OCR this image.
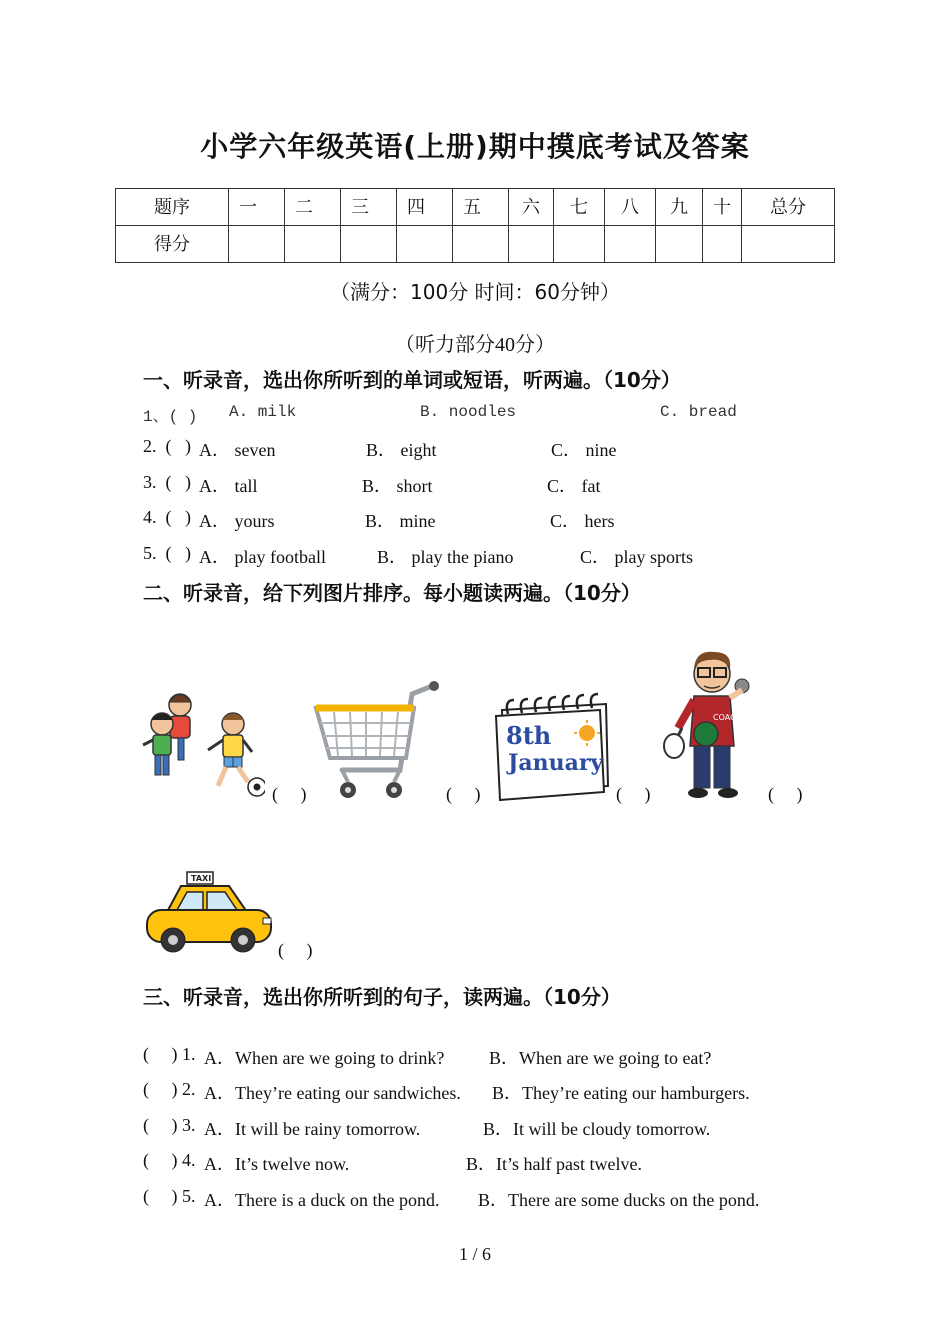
小学六年级英语(上册)期中摸底考试及答案
题序	一	二	三	四	五	六	七	八	九	十	总分

得分											

（满分：100分 时间：60分钟）
（听力部分40分）
一、听录音，选出你所听到的单词或短语，听两遍。（10分）
1、( ) A. milk	B. noodles	C. bread
2.  (   ) A． seven	B． eight	C． nine
3.  (   ) A． tall	B． short	C． fat
4.  (   ) A． yours	B． mine	C． hers
5.  (   ) A． play football	B． play the piano	C． play sports
二、听录音，给下列图片排序。每小题读两遍。（10分）
(     )	(     )
8th
January
(     )
COACH
(     )
TAXI
(     )
三、听录音，选出你所听到的句子，读两遍。（10分）
(     ) 1. A．When are we going to drink? B．When are we going to eat?
(     ) 2. A．They’re eating our sandwiches. B．They’re eating our hamburgers.
(     ) 3. A．It will be rainy tomorrow.	B．It will be cloudy tomorrow.
(     ) 4. A．It’s twelve now.	B．It’s half past twelve.
(     ) 5. A．There is a duck on the pond. B．There are some ducks on the pond.
1 / 6
